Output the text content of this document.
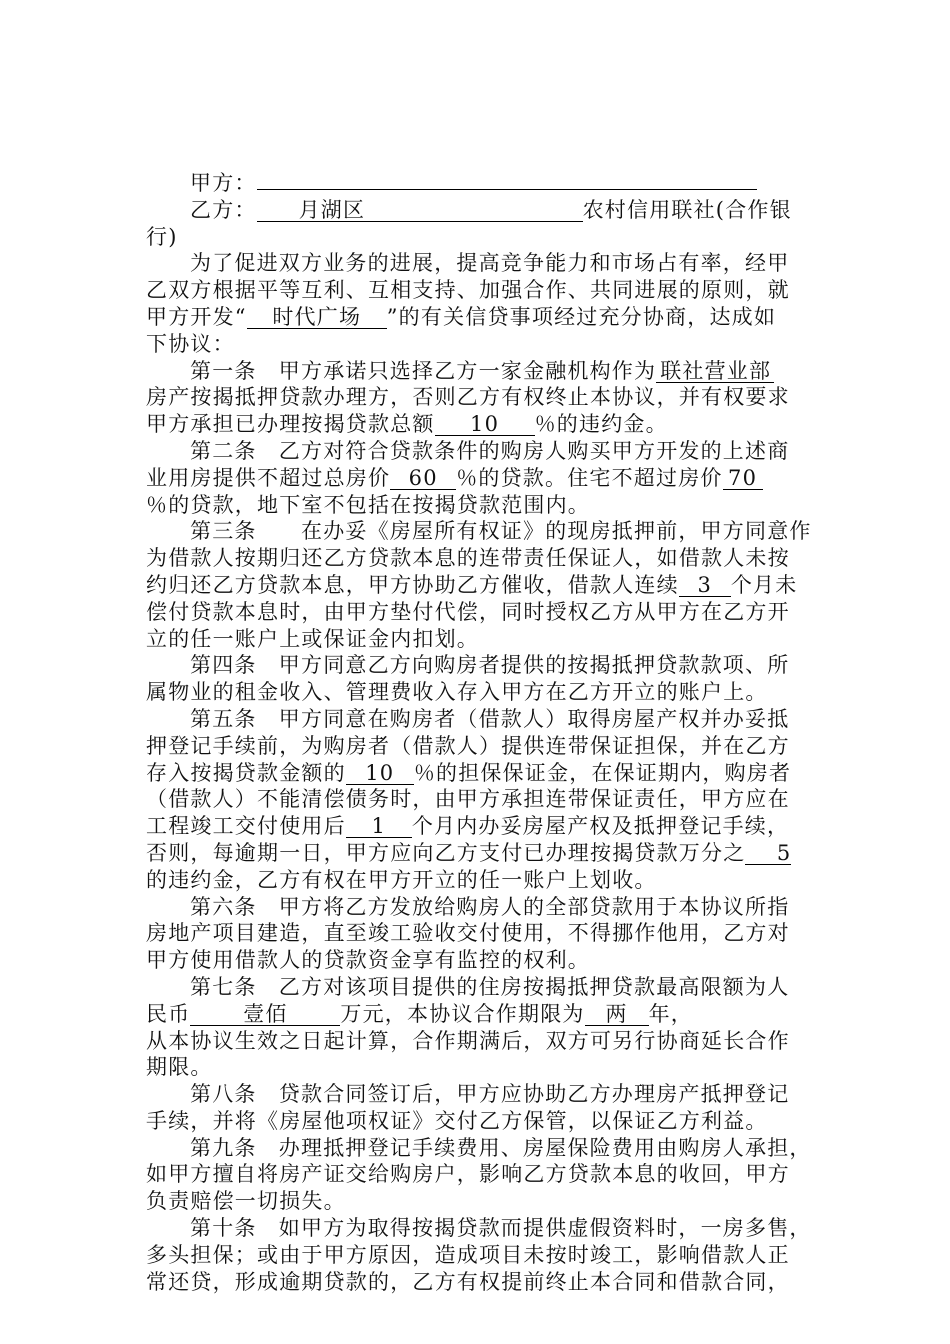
甲方：
乙方： 月湖区	农村信用联社(合作银
行)
为了促进双方业务的进展，提高竞争能力和市场占有率，经甲
乙双方根据平等互利、互相支持、加强合作、共同进展的原则，就
甲方开发“ 时代广场 ”的有关信贷事项经过充分协商，达成如
下协议：
第一条　甲方承诺只选择乙方一家金融机构作为 联社营业部
房产按揭抵押贷款办理方，否则乙方有权终止本协议，并有权要求
甲方承担已办理按揭贷款总额 10 ％的违约金。
第二条　乙方对符合贷款条件的购房人购买甲方开发的上述商
业用房提供不超过总房价 60 ％的贷款。住宅不超过房价 70
％的贷款，地下室不包括在按揭贷款范围内。
第三条　　在办妥《房屋所有权证》的现房抵押前，甲方同意作
为借款人按期归还乙方贷款本息的连带责任保证人，如借款人未按
约归还乙方贷款本息，甲方协助乙方催收，借款人连续 3 个月未
偿付贷款本息时，由甲方垫付代偿，同时授权乙方从甲方在乙方开
立的任一账户上或保证金内扣划。
第四条　甲方同意乙方向购房者提供的按揭抵押贷款款项、所
属物业的租金收入、管理费收入存入甲方在乙方开立的账户上。
第五条　甲方同意在购房者（借款人）取得房屋产权并办妥抵
押登记手续前，为购房者（借款人）提供连带保证担保，并在乙方
存入按揭贷款金额的 10 ％的担保保证金，在保证期内，购房者
（借款人）不能清偿债务时，由甲方承担连带保证责任，甲方应在
工程竣工交付使用后 1 个月内办妥房屋产权及抵押登记手续，
否则，每逾期一日，甲方应向乙方支付已办理按揭贷款万分之 5
的违约金，乙方有权在甲方开立的任一账户上划收。
第六条　甲方将乙方发放给购房人的全部贷款用于本协议所指
房地产项目建造，直至竣工验收交付使用，不得挪作他用，乙方对
甲方使用借款人的贷款资金享有监控的权利。
第七条　乙方对该项目提供的住房按揭抵押贷款最高限额为人
民币	壹佰	万元，本协议合作期限为 两 年，
从本协议生效之日起计算，合作期满后，双方可另行协商延长合作
期限。
第八条　贷款合同签订后，甲方应协助乙方办理房产抵押登记
手续，并将《房屋他项权证》交付乙方保管，以保证乙方利益。
第九条　办理抵押登记手续费用、房屋保险费用由购房人承担，
如甲方擅自将房产证交给购房户，影响乙方贷款本息的收回，甲方
负责赔偿一切损失。
第十条　如甲方为取得按揭贷款而提供虚假资料时，一房多售，
多头担保；或由于甲方原因，造成项目未按时竣工，影响借款人正
常还贷，形成逾期贷款的，乙方有权提前终止本合同和借款合同，
